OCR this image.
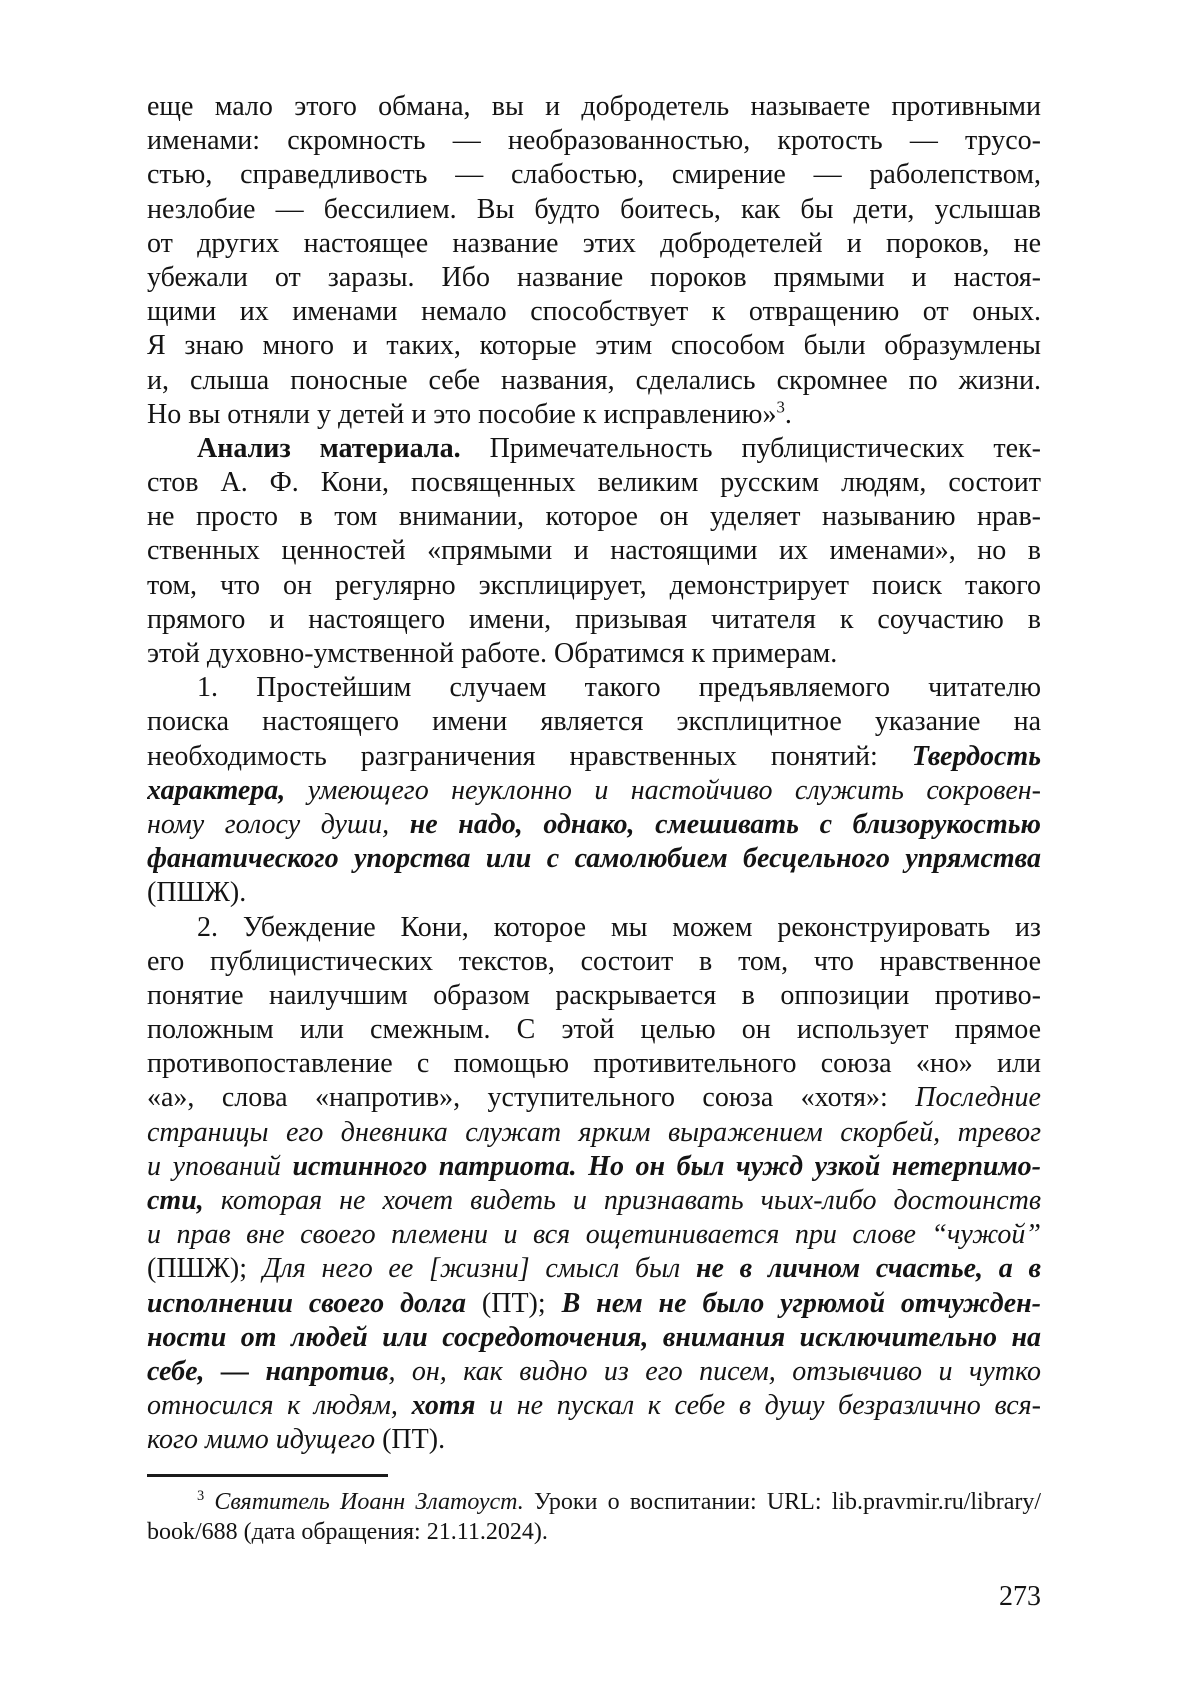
еще мало этого обмана, вы и добродетель называете противными
именами: скромность — необразованностью, кротость — трусо-
стью, справедливость — слабостью, смирение — раболепством,
незлобие — бессилием. Вы будто боитесь, как бы дети, услышав
от других настоящее название этих добродетелей и пороков, не
убежали от заразы. Ибо название пороков прямыми и настоя-
щими их именами немало способствует к отвращению от оных.
Я знаю много и таких, которые этим способом были образумлены
и, слыша поносные себе названия, сделались скромнее по жизни.
Но вы отняли у детей и это пособие к исправлению»$^3$.
Анализ материала. Примечательность публицистических тек-
стов А. Ф. Кони, посвященных великим русским людям, состоит
не просто в том внимании, которое он уделяет называнию нрав-
ственных ценностей «прямыми и настоящими их именами», но в
том, что он регулярно эксплицирует, демонстрирует поиск такого
прямого и настоящего имени, призывая читателя к соучастию в
этой духовно-умственной работе. Обратимся к примерам.
1. Простейшим случаем такого предъявляемого читателю
поиска настоящего имени является эксплицитное указание на
необходимость разграничения нравственных понятий: Твердость
характера, умеющего неуклонно и настойчиво служить сокровен-
ному голосу души, не надо, однако, смешивать с близорукостью
фанатического упорства или с самолюбием бесцельного упрямства
(ПШЖ).
2. Убеждение Кони, которое мы можем реконструировать из
его публицистических текстов, состоит в том, что нравственное
понятие наилучшим образом раскрывается в оппозиции противо-
положным или смежным. С этой целью он использует прямое
противопоставление с помощью противительного союза «но» или
«а», слова «напротив», уступительного союза «хотя»: Последние
страницы его дневника служат ярким выражением скорбей, тревог
и упований истинного патриота. Но он был чужд узкой нетерпимо-
сти, которая не хочет видеть и признавать чьих-либо достоинств
и прав вне своего племени и вся ощетинивается при слове “чужой”
(ПШЖ); Для него ее [жизни] смысл был не в личном счастье, а в
исполнении своего долга (ПТ); В нем не было угрюмой отчужден-
ности от людей или сосредоточения, внимания исключительно на
себе, — напротив, он, как видно из его писем, отзывчиво и чутко
относился к людям, хотя и не пускал к себе в душу безразлично вся-
кого мимо идущего (ПТ).
$^3$ Святитель Иоанн Златоуст. Уроки о воспитании: URL: lib.pravmir.ru/library/
book/688 (дата обращения: 21.11.2024).
273
